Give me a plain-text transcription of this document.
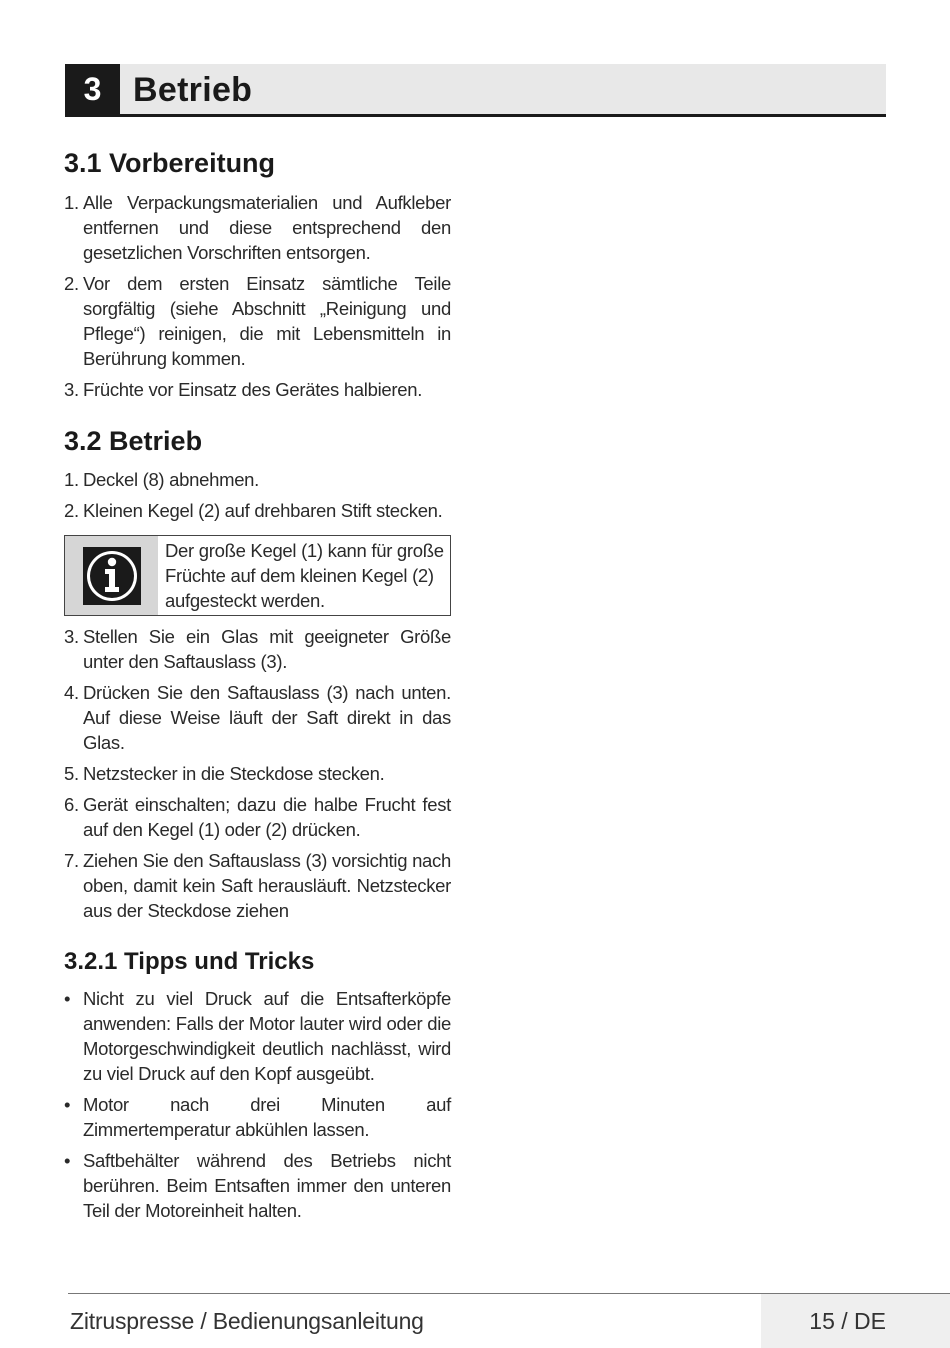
3 Betrieb
3.1 Vorbereitung
1. Alle Verpackungsmaterialien und Aufkleber entfernen und diese entsprechend den gesetzlichen Vorschriften entsorgen.
2. Vor dem ersten Einsatz sämtliche Teile sorgfältig (siehe Abschnitt „Reinigung und Pflege“) reinigen, die mit Lebensmitteln in Berührung kommen.
3. Früchte vor Einsatz des Gerätes halbieren.
3.2 Betrieb
1. Deckel (8) abnehmen.
2. Kleinen Kegel (2) auf drehbaren Stift stecken.
Der große Kegel (1) kann für große Früchte auf dem kleinen Kegel (2) aufgesteckt werden.
3. Stellen Sie ein Glas mit geeigneter Größe unter den Saftauslass (3).
4. Drücken Sie den Saftauslass (3) nach unten. Auf diese Weise läuft der Saft direkt in das Glas.
5. Netzstecker in die Steckdose stecken.
6. Gerät einschalten; dazu die halbe Frucht fest auf den Kegel (1) oder (2) drücken.
7. Ziehen Sie den Saftauslass (3) vorsichtig nach oben, damit kein Saft herausläuft. Netzstecker aus der Steckdose ziehen
3.2.1 Tipps und Tricks
• Nicht zu viel Druck auf die Entsafterköpfe anwenden: Falls der Motor lauter wird oder die Motorgeschwindigkeit deutlich nachlässt, wird zu viel Druck auf den Kopf ausgeübt.
• Motor nach drei Minuten auf Zimmertemperatur abkühlen lassen.
• Saftbehälter während des Betriebs nicht berühren. Beim Entsaften immer den unteren Teil der Motoreinheit halten.
Zitruspresse / Bedienungsanleitung	15 / DE
